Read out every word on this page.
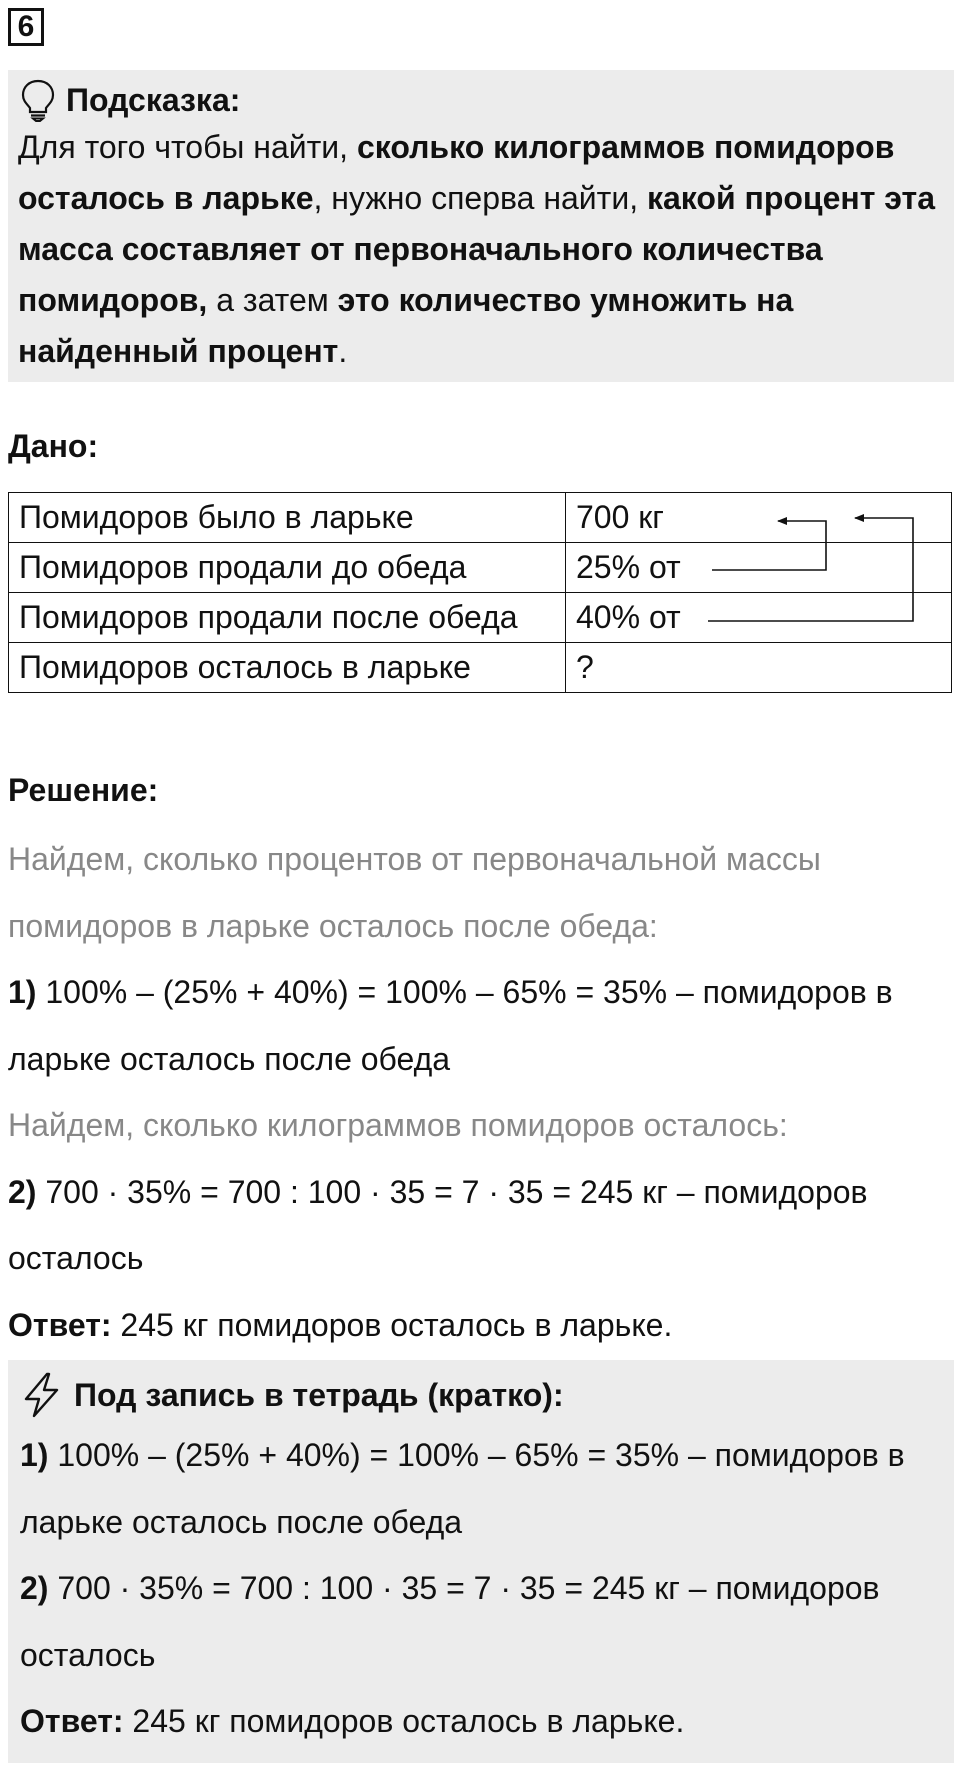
6
Подсказка:
Для того чтобы найти, сколько килограммов помидоров осталось в ларьке, нужно сперва найти, какой процент эта масса составляет от первоначального количества помидоров, а затем это количество умножить на найденный процент.
Дано:
Помидоров было в ларьке	700 кг
Помидоров продали до обеда	25% от
Помидоров продали после обеда	40% от
Помидоров осталось в ларьке	?
Решение:
Найдем, сколько процентов от первоначальной массы помидоров в ларьке осталось после обеда:
1) 100% – (25% + 40%) = 100% – 65% = 35% – помидоров в ларьке осталось после обеда
Найдем, сколько килограммов помидоров осталось:
2) 700 · 35% = 700 : 100 · 35 = 7 · 35 = 245 кг – помидоров осталось
Ответ: 245 кг помидоров осталось в ларьке.
Под запись в тетрадь (кратко):
1) 100% – (25% + 40%) = 100% – 65% = 35% – помидоров в ларьке осталось после обеда
2) 700 · 35% = 700 : 100 · 35 = 7 · 35 = 245 кг – помидоров осталось
Ответ: 245 кг помидоров осталось в ларьке.
